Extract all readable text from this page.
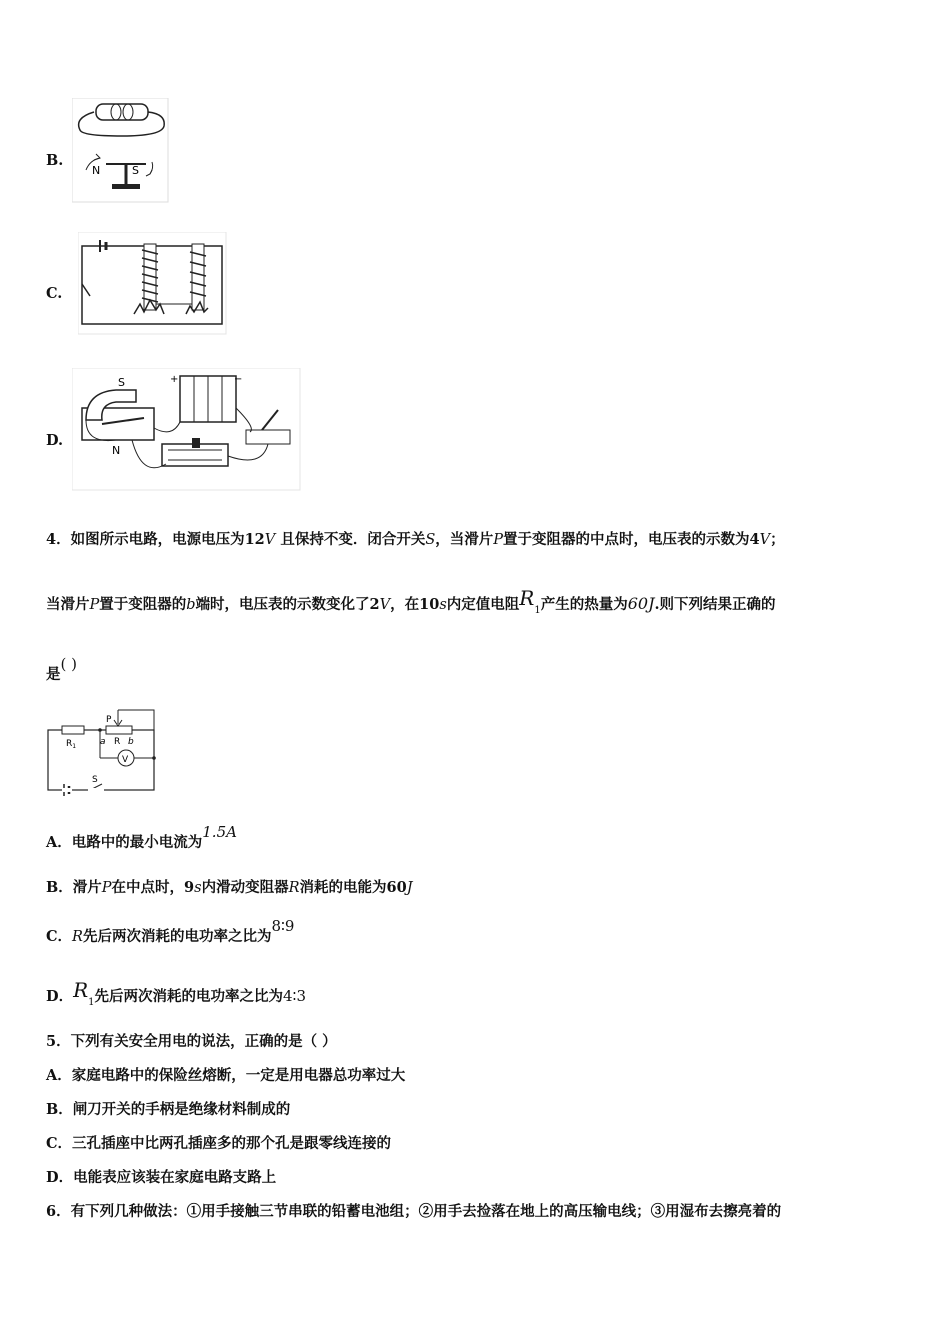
B.
N	S
C.
D.
+	−
S
N
4．如图所示电路，电源电压为12V 且保持不变．闭合开关S，当滑片P置于变阻器的中点时，电压表的示数为4V；
当滑片P置于变阻器的b端时，电压表的示数变化了2V，在10s内定值电阻$R_1$产生的热量为60J.则下列结果正确的
是( )
$R_1$
P
a R b
V
S
A．电路中的最小电流为1.5A
B．滑片P在中点时，9s内滑动变阻器R消耗的电能为60J
C．R先后两次消耗的电功率之比为8∶9
D．$R_1$先后两次消耗的电功率之比为4∶3
5．下列有关安全用电的说法，正确的是（ ）
A．家庭电路中的保险丝熔断，一定是用电器总功率过大
B．闸刀开关的手柄是绝缘材料制成的
C．三孔插座中比两孔插座多的那个孔是跟零线连接的
D．电能表应该装在家庭电路支路上
6．有下列几种做法：①用手接触三节串联的铅蓄电池组；②用手去捡落在地上的高压输电线；③用湿布去擦亮着的
